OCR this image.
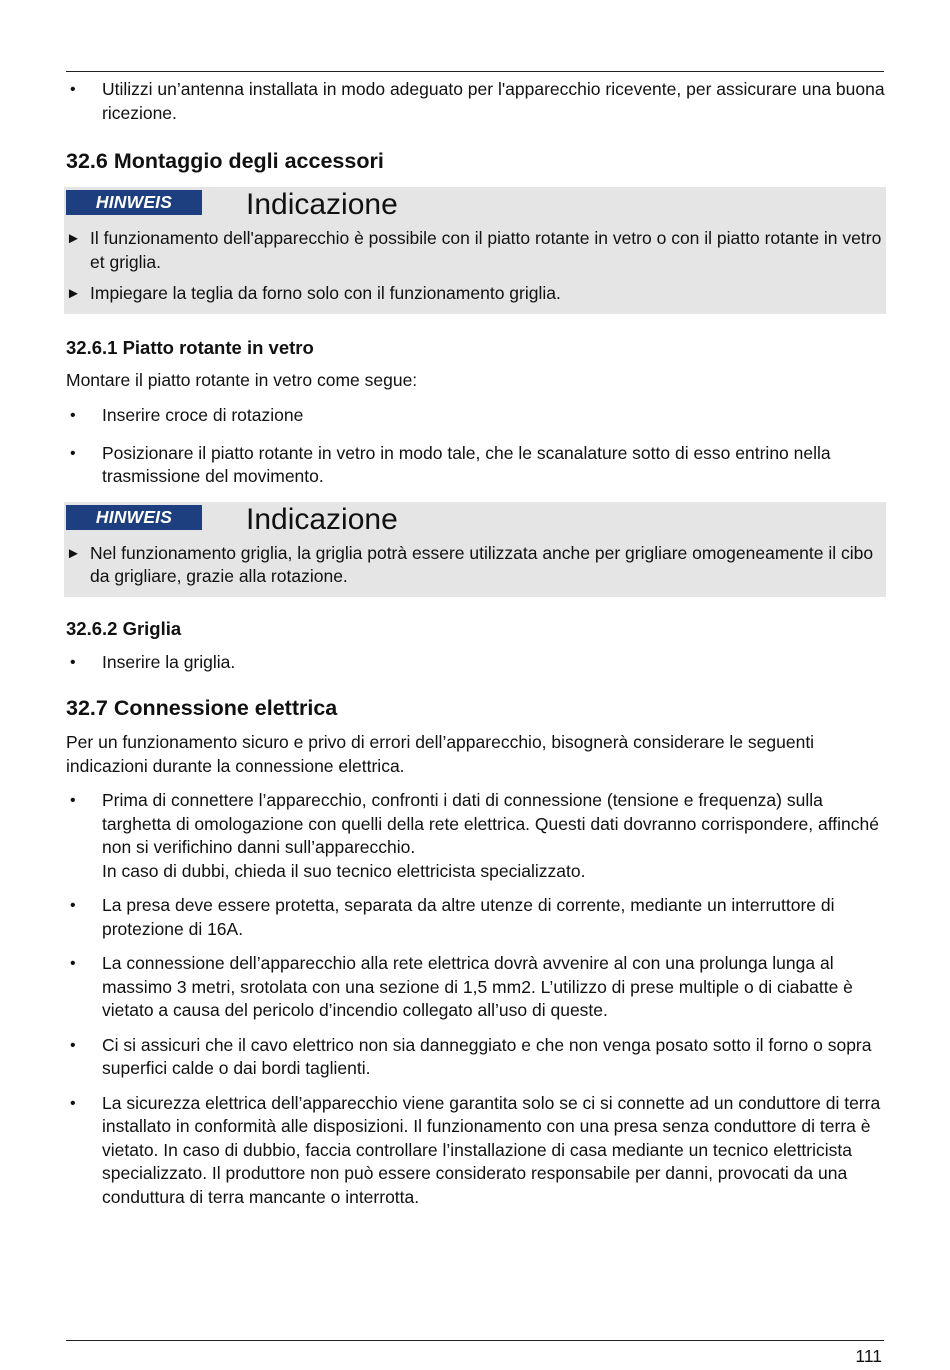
• Utilizzi un’antenna installata in modo adeguato per l'apparecchio ricevente, per assicurare una buona ricezione.
32.6 Montaggio degli accessori
HINWEIS	Indicazione
► Il funzionamento dell'apparecchio è possibile con il piatto rotante in vetro o con il piatto rotante in vetro et griglia.
► Impiegare la teglia da forno solo con il funzionamento griglia.
32.6.1 Piatto rotante in vetro

Montare il piatto rotante in vetro come segue:

• Inserire croce di rotazione
• Posizionare il piatto rotante in vetro in modo tale, che le scanalature sotto di esso entrino nella trasmissione del movimento.
HINWEIS	Indicazione
► Nel funzionamento griglia, la griglia potrà essere utilizzata anche per grigliare omogeneamente il cibo da grigliare, grazie alla rotazione.
32.6.2 Griglia
• Inserire la griglia.
32.7 Connessione elettrica

Per un funzionamento sicuro e privo di errori dell’apparecchio, bisognerà considerare le seguenti indicazioni durante la connessione elettrica.

• Prima di connettere l’apparecchio, confronti i dati di connessione (tensione e frequenza) sulla targhetta di omologazione con quelli della rete elettrica. Questi dati dovranno corrispondere, affinché non si verifichino danni sull’apparecchio.
In caso di dubbi, chieda il suo tecnico elettricista specializzato.
• La presa deve essere protetta, separata da altre utenze di corrente, mediante un interruttore di protezione di 16A.
• La connessione dell’apparecchio alla rete elettrica dovrà avvenire al con una prolunga lunga al massimo 3 metri, srotolata con una sezione di 1,5 mm2. L’utilizzo di prese multiple o di ciabatte è vietato a causa del pericolo d’incendio collegato all’uso di queste.
• Ci si assicuri che il cavo elettrico non sia danneggiato e che non venga posato sotto il forno o sopra superfici calde o dai bordi taglienti.
• La sicurezza elettrica dell’apparecchio viene garantita solo se ci si connette ad un conduttore di terra installato in conformità alle disposizioni. Il funzionamento con una presa senza conduttore di terra è vietato. In caso di dubbio, faccia controllare l’installazione di casa mediante un tecnico elettricista specializzato. Il produttore non può essere considerato responsabile per danni, provocati da una conduttura di terra mancante o interrotta.
111
